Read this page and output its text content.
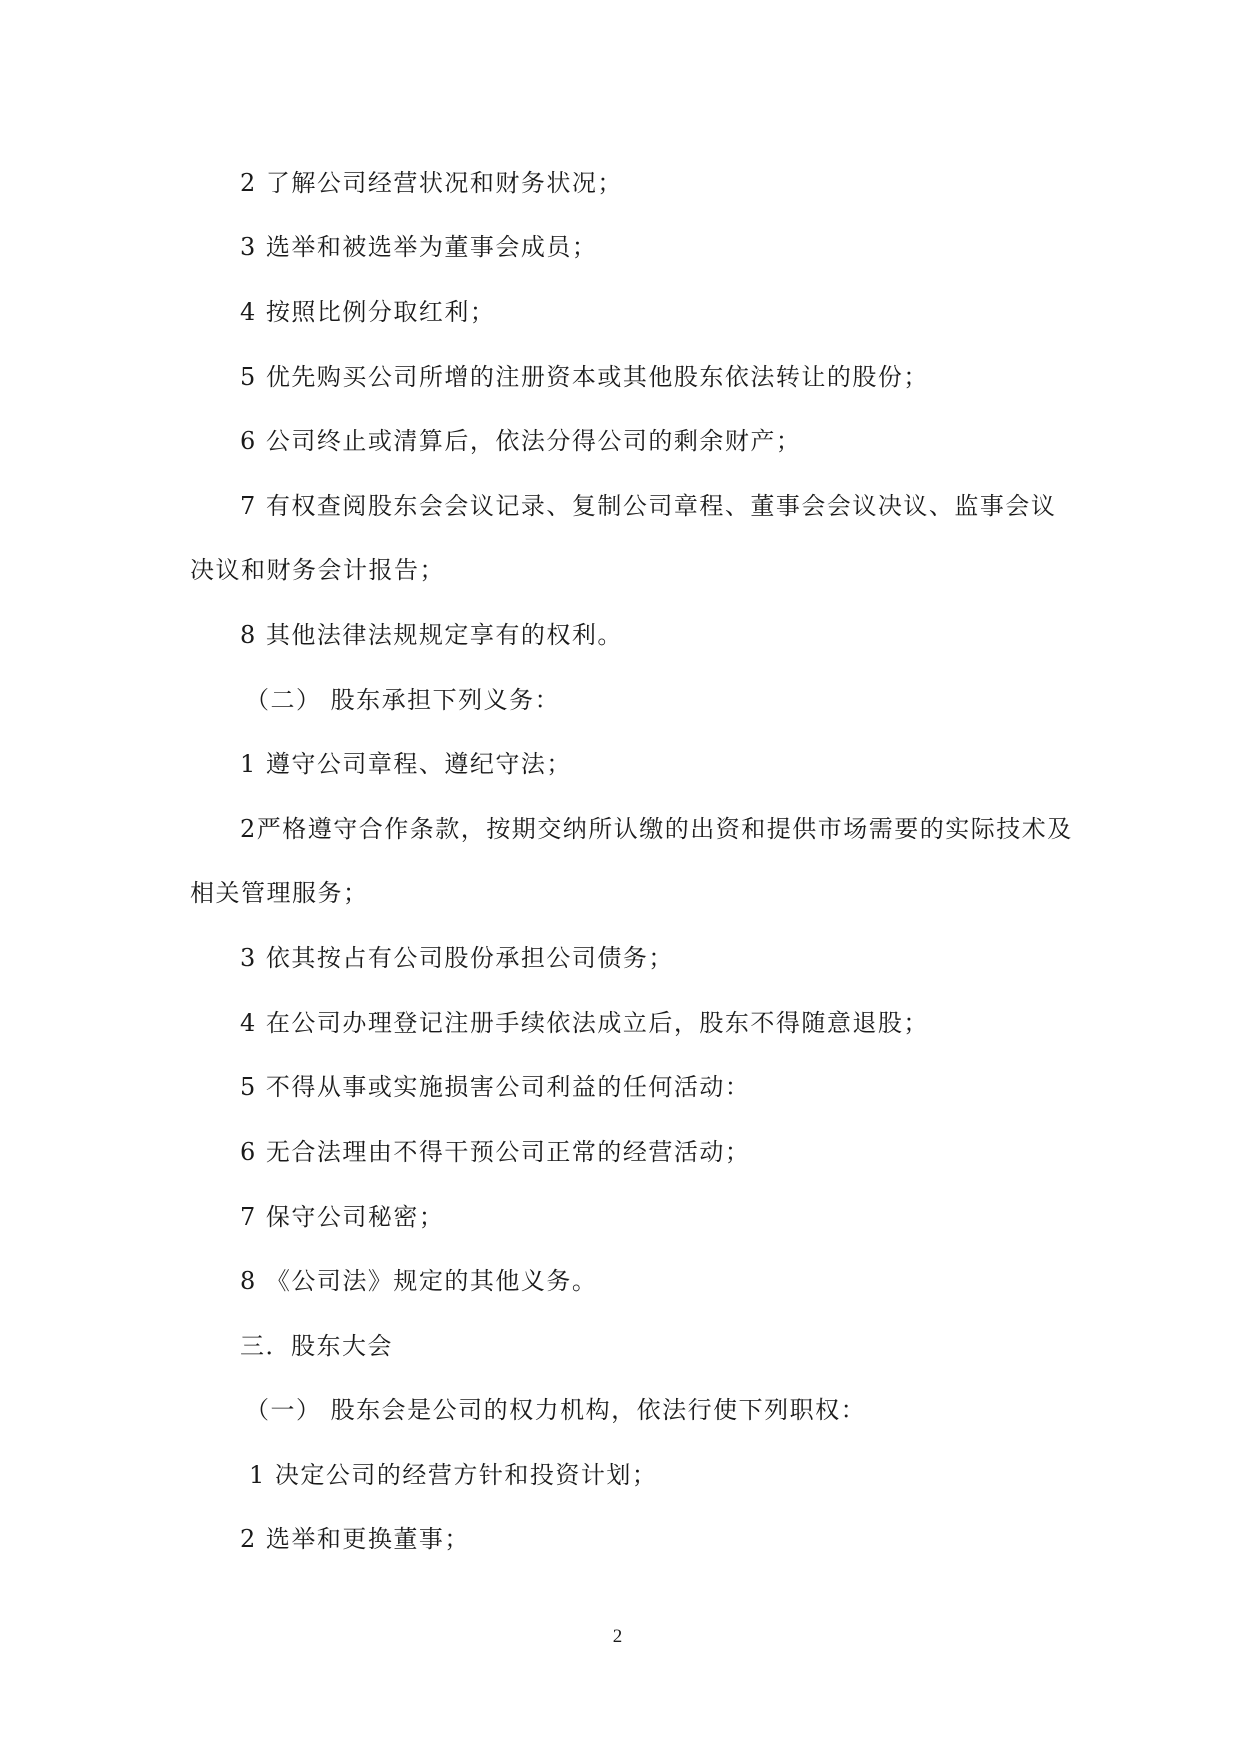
2 了解公司经营状况和财务状况；
3 选举和被选举为董事会成员；
4 按照比例分取红利；
5 优先购买公司所增的注册资本或其他股东依法转让的股份；
6 公司终止或清算后，依法分得公司的剩余财产；
7 有权查阅股东会会议记录、复制公司章程、董事会会议决议、监事会议
决议和财务会计报告；
8 其他法律法规规定享有的权利。
（二） 股东承担下列义务：
1 遵守公司章程、遵纪守法；
2严格遵守合作条款，按期交纳所认缴的出资和提供市场需要的实际技术及
相关管理服务；
3 依其按占有公司股份承担公司债务；
4 在公司办理登记注册手续依法成立后，股东不得随意退股；
5 不得从事或实施损害公司利益的任何活动：
6 无合法理由不得干预公司正常的经营活动；
7 保守公司秘密；
8 《公司法》规定的其他义务。
三．股东大会
（一） 股东会是公司的权力机构，依法行使下列职权：
1 决定公司的经营方针和投资计划；
2 选举和更换董事；
2
